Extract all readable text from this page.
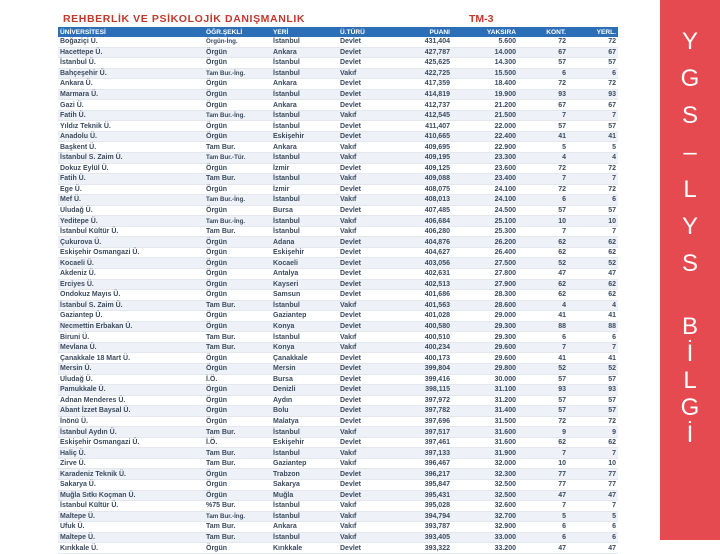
REHBERLİK VE PSİKOLOJİK DANIŞMANLIK	TM-3
ÜNİVERSİTESİ	ÖĞR.ŞEKLİ	YERİ	Ü.TÜRÜ	PUANI	YAKSIRA	KONT.	YERL.
Boğaziçi Ü.	Örgün-İng.	İstanbul	Devlet	431,404	5.600	72	72
Hacettepe Ü.	Örgün	Ankara	Devlet	427,787	14.000	67	67
İstanbul Ü.	Örgün	İstanbul	Devlet	425,625	14.300	57	57
Bahçeşehir Ü.	Tam Bur.-İng.	İstanbul	Vakıf	422,725	15.500	6	6
Ankara Ü.	Örgün	Ankara	Devlet	417,359	18.400	72	72
Marmara Ü.	Örgün	İstanbul	Devlet	414,819	19.900	93	93
Gazi Ü.	Örgün	Ankara	Devlet	412,737	21.200	67	67
Fatih Ü.	Tam Bur.-İng.	İstanbul	Vakıf	412,545	21.500	7	7
Yıldız Teknik Ü.	Örgün	İstanbul	Devlet	411,407	22.000	57	57
Anadolu Ü.	Örgün	Eskişehir	Devlet	410,665	22.400	41	41
Başkent Ü.	Tam Bur.	Ankara	Vakıf	409,695	22.900	5	5
İstanbul S. Zaim Ü.	Tam Bur.-Tür.	İstanbul	Vakıf	409,195	23.300	4	4
Dokuz Eylül Ü.	Örgün	İzmir	Devlet	409,125	23.600	72	72
Fatih Ü.	Tam Bur.	İstanbul	Vakıf	409,088	23.400	7	7
Ege Ü.	Örgün	İzmir	Devlet	408,075	24.100	72	72
Mef Ü.	Tam Bur.-İng.	İstanbul	Vakıf	408,013	24.100	6	6
Uludağ Ü.	Örgün	Bursa	Devlet	407,485	24.500	57	57
Yeditepe Ü.	Tam Bur.-İng.	İstanbul	Vakıf	406,684	25.100	10	10
İstanbul Kültür Ü.	Tam Bur.	İstanbul	Vakıf	406,280	25.300	7	7
Çukurova Ü.	Örgün	Adana	Devlet	404,876	26.200	62	62
Eskişehir Osmangazi Ü.	Örgün	Eskişehir	Devlet	404,627	26.400	62	62
Kocaeli Ü.	Örgün	Kocaeli	Devlet	403,056	27.500	52	52
Akdeniz Ü.	Örgün	Antalya	Devlet	402,631	27.800	47	47
Erciyes Ü.	Örgün	Kayseri	Devlet	402,513	27.900	62	62
Ondokuz Mayıs Ü.	Örgün	Samsun	Devlet	401,686	28.300	62	62
İstanbul S. Zaim Ü.	Tam Bur.	İstanbul	Vakıf	401,563	28.600	4	4
Gaziantep Ü.	Örgün	Gaziantep	Devlet	401,028	29.000	41	41
Necmettin Erbakan Ü.	Örgün	Konya	Devlet	400,580	29.300	88	88
Biruni Ü.	Tam Bur.	İstanbul	Vakıf	400,510	29.300	6	6
Mevlana Ü.	Tam Bur.	Konya	Vakıf	400,234	29.600	7	7
Çanakkale 18 Mart Ü.	Örgün	Çanakkale	Devlet	400,173	29.600	41	41
Mersin Ü.	Örgün	Mersin	Devlet	399,804	29.800	52	52
Uludağ Ü.	İ.Ö.	Bursa	Devlet	399,416	30.000	57	57
Pamukkale Ü.	Örgün	Denizli	Devlet	398,115	31.100	93	93
Adnan Menderes Ü.	Örgün	Aydın	Devlet	397,972	31.200	57	57
Abant İzzet Baysal Ü.	Örgün	Bolu	Devlet	397,782	31.400	57	57
İnönü Ü.	Örgün	Malatya	Devlet	397,696	31.500	72	72
İstanbul Aydın Ü.	Tam Bur.	İstanbul	Vakıf	397,517	31.600	9	9
Eskişehir Osmangazi Ü.	İ.Ö.	Eskişehir	Devlet	397,461	31.600	62	62
Haliç Ü.	Tam Bur.	İstanbul	Vakıf	397,133	31.900	7	7
Zirve Ü.	Tam Bur.	Gaziantep	Vakıf	396,467	32.000	10	10
Karadeniz Teknik Ü.	Örgün	Trabzon	Devlet	396,217	32.300	77	77
Sakarya Ü.	Örgün	Sakarya	Devlet	395,847	32.500	77	77
Muğla Sıtkı Koçman Ü.	Örgün	Muğla	Devlet	395,431	32.500	47	47
İstanbul Kültür Ü.	%75 Bur.	İstanbul	Vakıf	395,028	32.600	7	7
Maltepe Ü.	Tam Bur.-İng.	İstanbul	Vakıf	394,794	32.700	5	5
Ufuk Ü.	Tam Bur.	Ankara	Vakıf	393,787	32.900	6	6
Maltepe Ü.	Tam Bur.	İstanbul	Vakıf	393,405	33.000	6	6
Kırıkkale Ü.	Örgün	Kırıkkale	Devlet	393,322	33.200	47	47
Y
G
S
–
L
Y
S
B
İ
L
G
İ
